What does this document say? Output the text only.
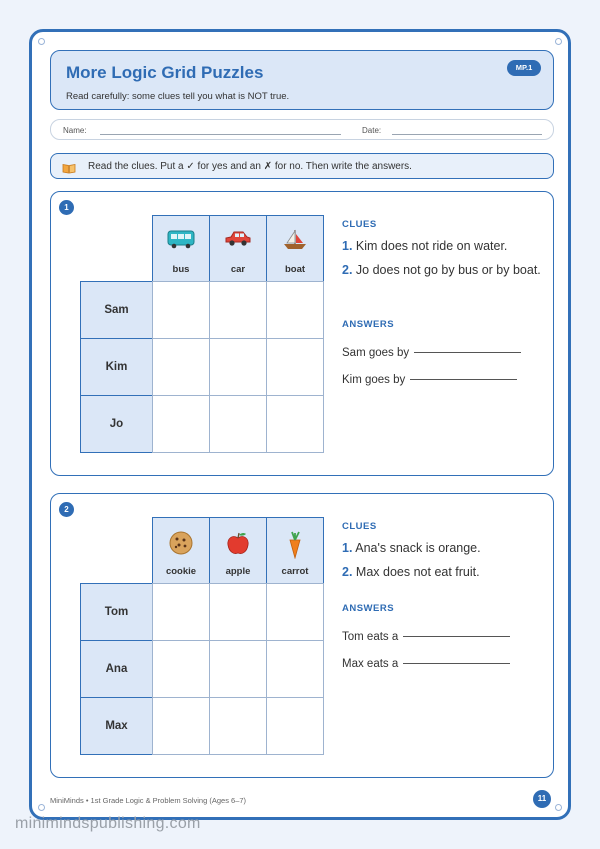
More Logic Grid Puzzles
Read carefully: some clues tell you what is NOT true.
MP.1
Name:	Date:
Read the clues. Put a ✓ for yes and an ✗ for no. Then write the answers.
1
bus	car	boat
Sam
Kim
Jo
CLUES
1. Kim does not ride on water.
2. Jo does not go by bus or by boat.
ANSWERS
Sam goes by
Kim goes by
2
cookie	apple	carrot
Tom
Ana
Max
CLUES
1. Ana's snack is orange.
2. Max does not eat fruit.
ANSWERS
Tom eats a
Max eats a
MiniMinds • 1st Grade Logic & Problem Solving (Ages 6–7)	11
minimindspublishing.com
